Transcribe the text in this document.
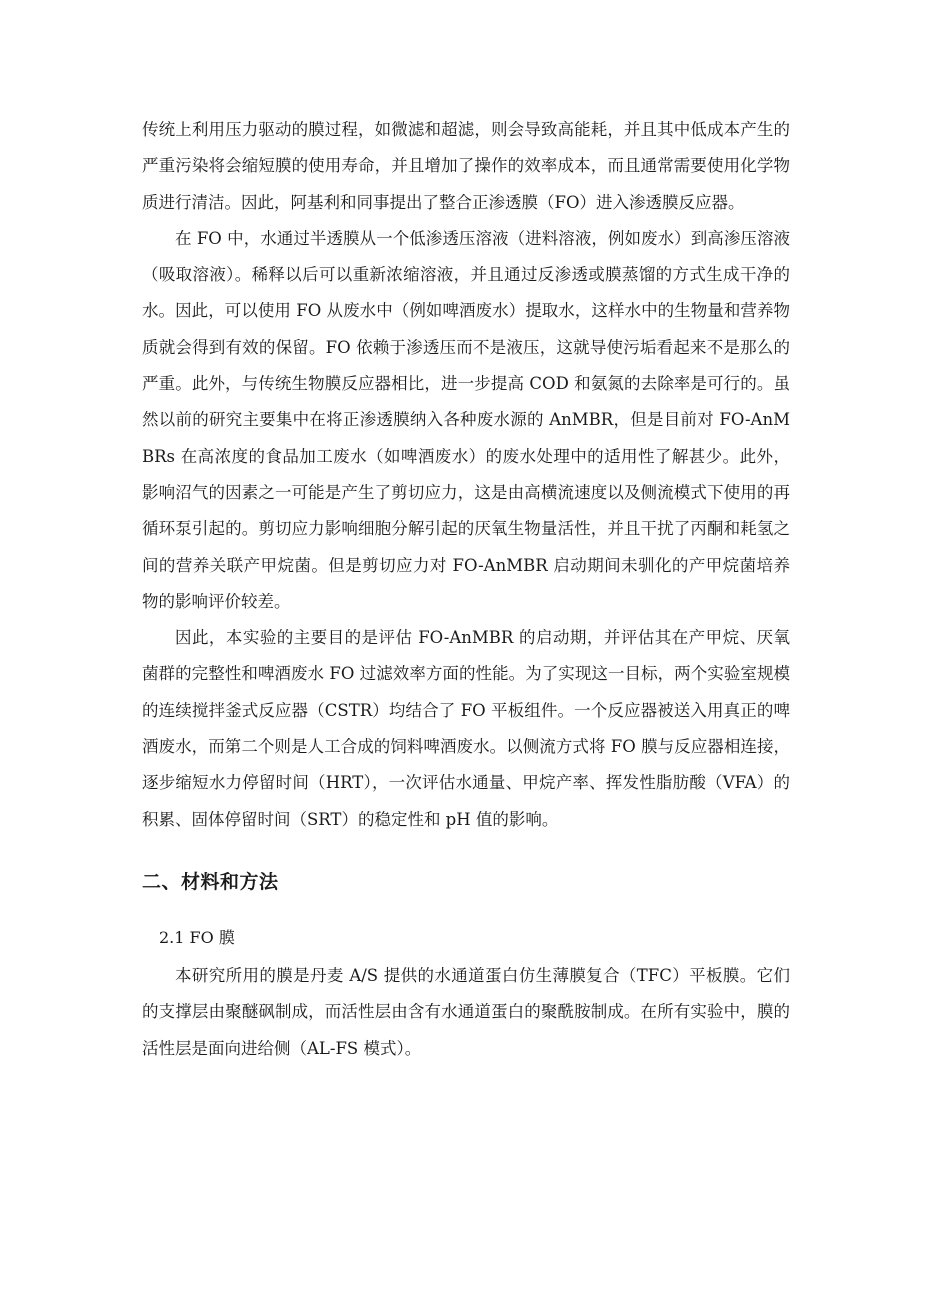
传统上利用压力驱动的膜过程，如微滤和超滤，则会导致高能耗，并且其中低成本产生的严重污染将会缩短膜的使用寿命，并且增加了操作的效率成本，而且通常需要使用化学物质进行清洁。因此，阿基利和同事提出了整合正渗透膜（FO）进入渗透膜反应器。

在 FO 中，水通过半透膜从一个低渗透压溶液（进料溶液，例如废水）到高渗压溶液（吸取溶液）。稀释以后可以重新浓缩溶液，并且通过反渗透或膜蒸馏的方式生成干净的水。因此，可以使用 FO 从废水中（例如啤酒废水）提取水，这样水中的生物量和营养物质就会得到有效的保留。FO 依赖于渗透压而不是液压，这就导使污垢看起来不是那么的严重。此外，与传统生物膜反应器相比，进一步提高 COD 和氨氮的去除率是可行的。虽然以前的研究主要集中在将正渗透膜纳入各种废水源的 AnMBR，但是目前对 FO-AnMBRs 在高浓度的食品加工废水（如啤酒废水）的废水处理中的适用性了解甚少。此外，影响沼气的因素之一可能是产生了剪切应力，这是由高横流速度以及侧流模式下使用的再循环泵引起的。剪切应力影响细胞分解引起的厌氧生物量活性，并且干扰了丙酮和耗氢之间的营养关联产甲烷菌。但是剪切应力对 FO-AnMBR 启动期间未驯化的产甲烷菌培养物的影响评价较差。

因此，本实验的主要目的是评估 FO-AnMBR 的启动期，并评估其在产甲烷、厌氧菌群的完整性和啤酒废水 FO 过滤效率方面的性能。为了实现这一目标，两个实验室规模的连续搅拌釜式反应器（CSTR）均结合了 FO 平板组件。一个反应器被送入用真正的啤酒废水，而第二个则是人工合成的饲料啤酒废水。以侧流方式将 FO 膜与反应器相连接，逐步缩短水力停留时间（HRT），一次评估水通量、甲烷产率、挥发性脂肪酸（VFA）的积累、固体停留时间（SRT）的稳定性和 pH 值的影响。

二、材料和方法
2.1 FO 膜

本研究所用的膜是丹麦 A/S 提供的水通道蛋白仿生薄膜复合（TFC）平板膜。它们的支撑层由聚醚砜制成，而活性层由含有水通道蛋白的聚酰胺制成。在所有实验中，膜的活性层是面向进给侧（AL-FS 模式）。
